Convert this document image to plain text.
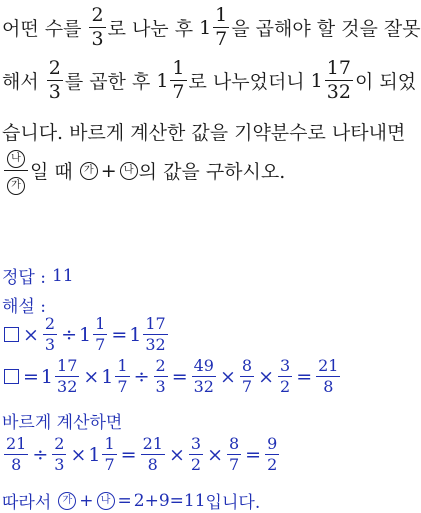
어떤 수를 $\frac{2}{3}$ 로 나눈 후 $1 \frac{1}{7}$ 을 곱해야 할 것을 잘못
해서 $\frac{2}{3}$ 를 곱한 후 $1 \frac{1}{7}$ 로 나누었더니 $1 \frac{17}{32}$ 이 되었
습니다. 바르게 계산한 값을 기약분수로 나타내면
$\frac{\text{나}}{\text{가}}$ 일 때	가 + 나 의 값을 구하시오.
정답 : 11
해설 :
× $\frac{2}{3} \div 1 \frac{1}{7} = 1 \frac{17}{32}$
= $1 \frac{17}{32} \times 1 \frac{1}{7} \div \frac{2}{3} = \frac{49}{32} \times \frac{8}{7} \times \frac{3}{2} = \frac{21}{8}$
바르게 계산하면
$\frac{21}{8} \div \frac{2}{3} \times 1 \frac{1}{7} = \frac{21}{8} \times \frac{3}{2} \times \frac{8}{7} = \frac{9}{2}$
따라서	가 + 나 = 2+9=11 입니다.
